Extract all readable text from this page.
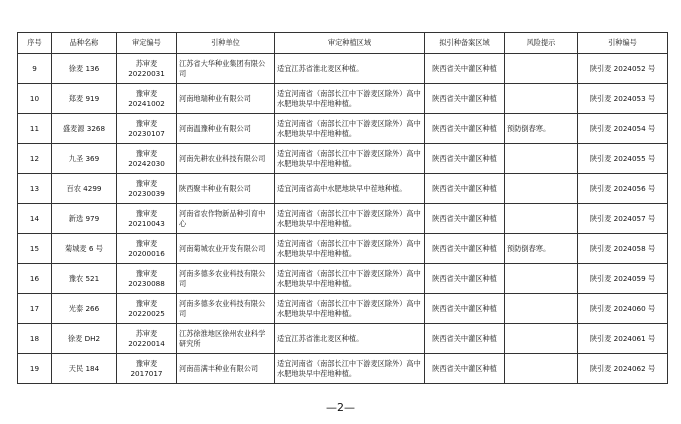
序号	品种名称	审定编号	引种单位	审定种植区域	拟引种备案区域	风险提示	引种编号
9	徐麦 136	苏审麦 20220031	江苏省大华种业集团有限公司	适宜江苏省淮北麦区种植。	陕西省关中灌区种植		陕引麦 2024052 号
10	郑麦 919	豫审麦 20241002	河南地瑞种业有限公司	适宜河南省（南部长江中下游麦区除外）高中水肥地块早中茬地种植。	陕西省关中灌区种植		陕引麦 2024053 号
11	盛麦源 3268	豫审麦 20230107	河南温豫种业有限公司	适宜河南省（南部长江中下游麦区除外）高中水肥地块早中茬地种植。	陕西省关中灌区种植	预防倒春寒。	陕引麦 2024054 号
12	九圣 369	豫审麦 20242030	河南先耕农业科技有限公司	适宜河南省（南部长江中下游麦区除外）高中水肥地块早中茬地种植。	陕西省关中灌区种植		陕引麦 2024055 号
13	百农 4299	豫审麦 20230039	陕西聚丰种业有限公司	适宜河南省高中水肥地块早中茬地种植。	陕西省关中灌区种植		陕引麦 2024056 号
14	新选 979	豫审麦 20210043	河南省农作物新品种引育中心	适宜河南省（南部长江中下游麦区除外）高中水肥地块早中茬地种植。	陕西省关中灌区种植		陕引麦 2024057 号
15	菊城麦 6 号	豫审麦 20200016	河南菊城农业开发有限公司	适宜河南省（南部长江中下游麦区除外）高中水肥地块早中茬地种植。	陕西省关中灌区种植	预防倒春寒。	陕引麦 2024058 号
16	豫农 521	豫审麦 20230088	河南多德多农业科技有限公司	适宜河南省（南部长江中下游麦区除外）高中水肥地块早中茬地种植。	陕西省关中灌区种植		陕引麦 2024059 号
17	光泰 266	豫审麦 20220025	河南多德多农业科技有限公司	适宜河南省（南部长江中下游麦区除外）高中水肥地块早中茬地种植。	陕西省关中灌区种植		陕引麦 2024060 号
18	徐麦 DH2	苏审麦 20220014	江苏徐淮地区徐州农业科学研究所	适宜江苏省淮北麦区种植。	陕西省关中灌区种植		陕引麦 2024061 号
19	天民 184	豫审麦 2017017	河南苗满丰种业有限公司	适宜河南省（南部长江中下游麦区除外）高中水肥地块早中茬地种植。	陕西省关中灌区种植		陕引麦 2024062 号
—2—
